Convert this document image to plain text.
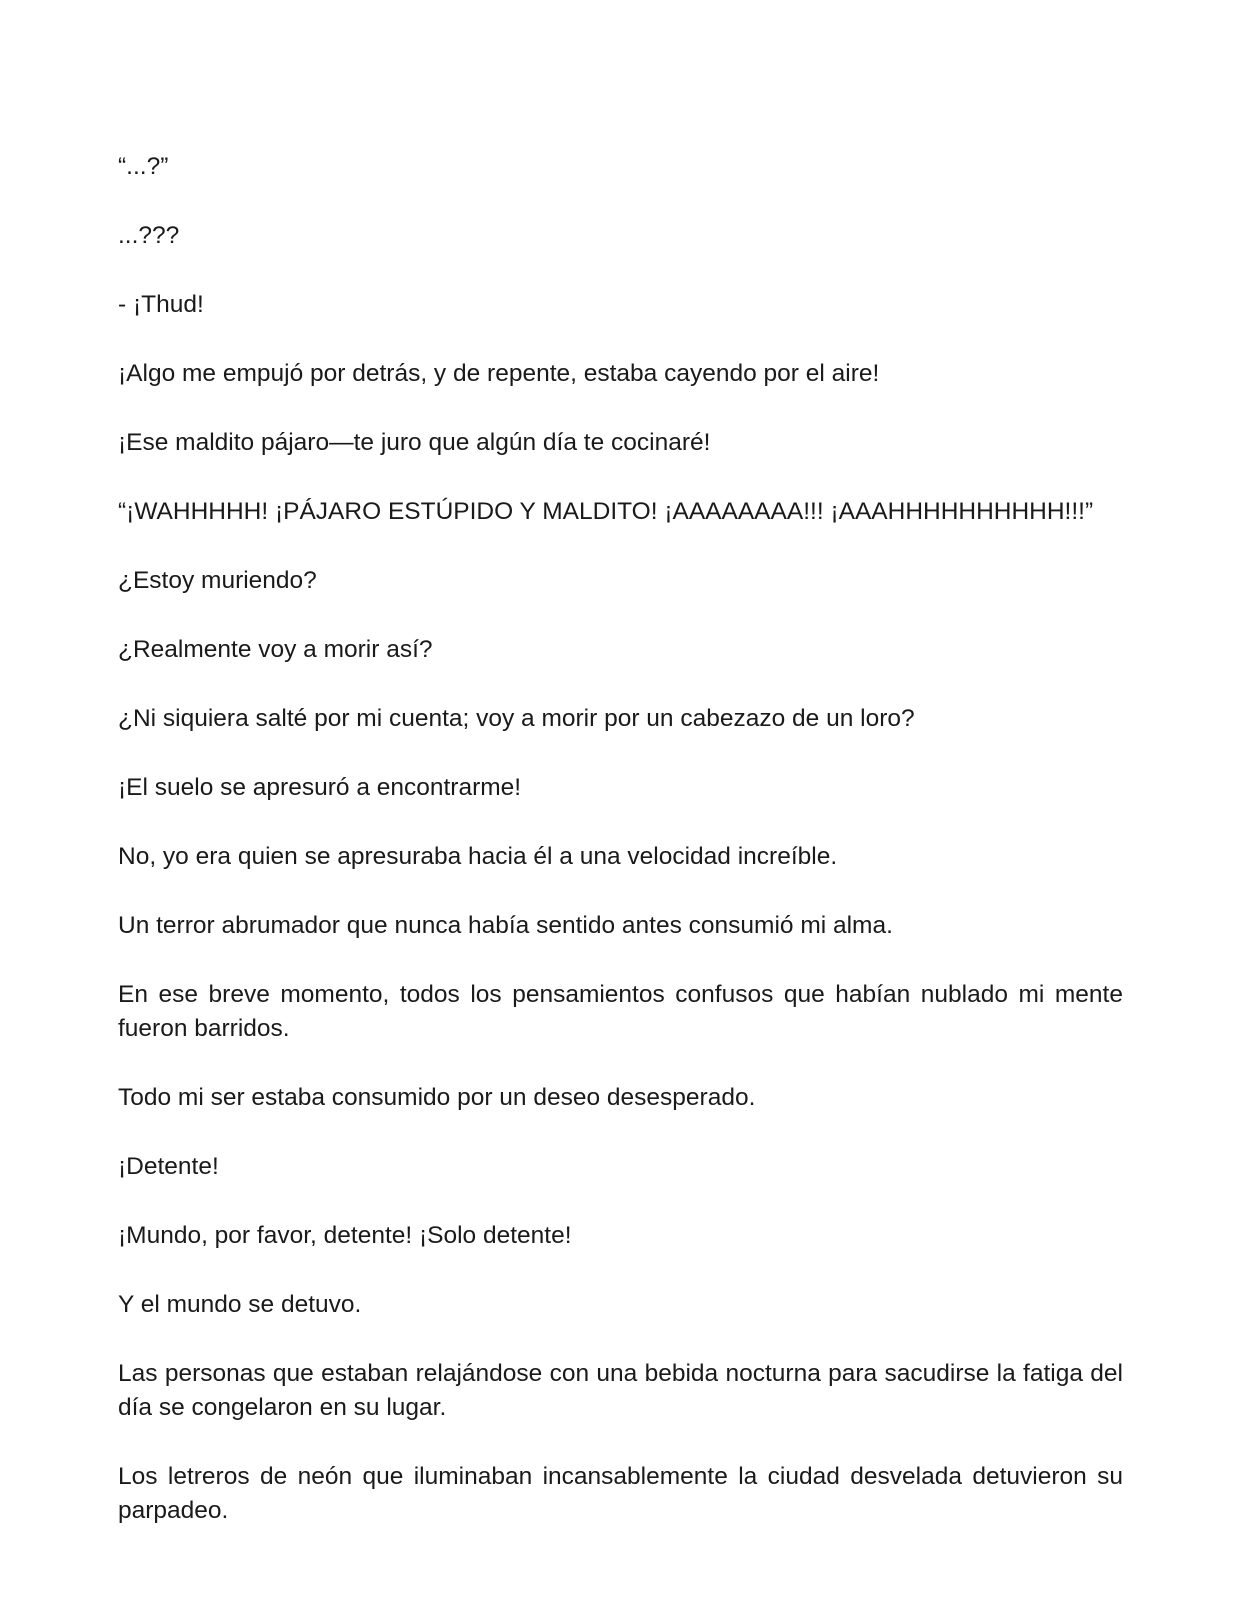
“...?”

...???

- ¡Thud!

¡Algo me empujó por detrás, y de repente, estaba cayendo por el aire!

¡Ese maldito pájaro—te juro que algún día te cocinaré!

“¡WAHHHHH! ¡PÁJARO ESTÚPIDO Y MALDITO! ¡AAAAAAAA!!! ¡AAAHHHHHHHHHH!!!”

¿Estoy muriendo?

¿Realmente voy a morir así?

¿Ni siquiera salté por mi cuenta; voy a morir por un cabezazo de un loro?

¡El suelo se apresuró a encontrarme!

No, yo era quien se apresuraba hacia él a una velocidad increíble.

Un terror abrumador que nunca había sentido antes consumió mi alma.

En ese breve momento, todos los pensamientos confusos que habían nublado mi mente fueron barridos.

Todo mi ser estaba consumido por un deseo desesperado.

¡Detente!

¡Mundo, por favor, detente! ¡Solo detente!

Y el mundo se detuvo.

Las personas que estaban relajándose con una bebida nocturna para sacudirse la fatiga del día se congelaron en su lugar.

Los letreros de neón que iluminaban incansablemente la ciudad desvelada detuvieron su parpadeo.
